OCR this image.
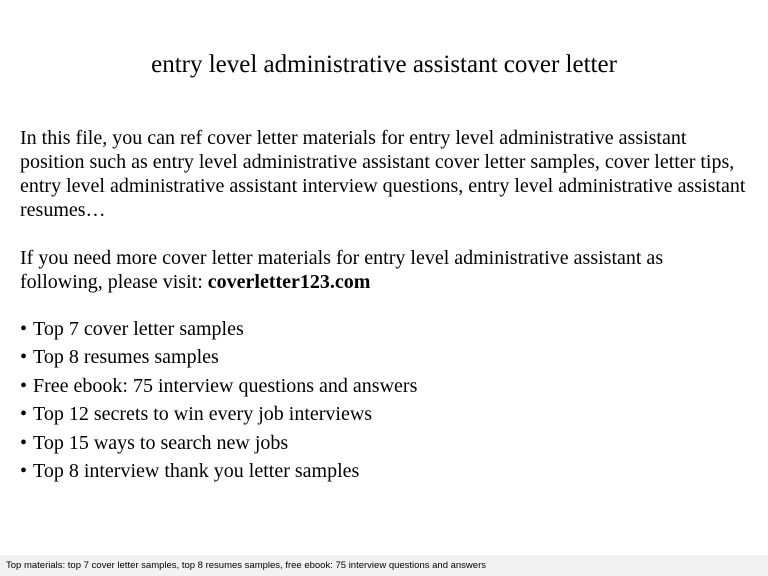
entry level administrative assistant cover letter

In this file, you can ref cover letter materials for entry level administrative assistant position such as entry level administrative assistant cover letter samples, cover letter tips, entry level administrative assistant interview questions, entry level administrative assistant resumes…

If you need more cover letter materials for entry level administrative assistant as following, please visit: coverletter123.com

• Top 7 cover letter samples
• Top 8 resumes samples
• Free ebook: 75 interview questions and answers
• Top 12 secrets to win every job interviews
• Top 15 ways to search new jobs
• Top 8 interview thank you letter samples
Top materials: top 7 cover letter samples, top 8 resumes samples, free ebook: 75 interview questions and answers
